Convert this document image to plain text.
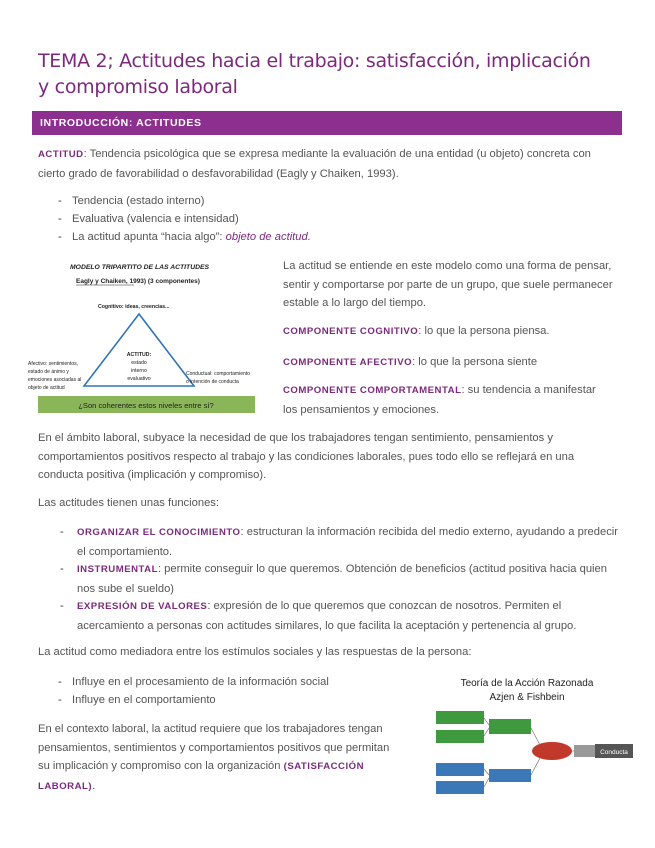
TEMA 2; Actitudes hacia el trabajo: satisfacción, implicación y compromiso laboral
INTRODUCCIÓN: ACTITUDES
ACTITUD: Tendencia psicológica que se expresa mediante la evaluación de una entidad (u objeto) concreta con cierto grado de favorabilidad o desfavorabilidad (Eagly y Chaiken, 1993).
- Tendencia (estado interno)
- Evaluativa (valencia e intensidad)
- La actitud apunta “hacia algo”: objeto de actitud.
MODELO TRIPARTITO DE LAS ACTITUDES
Eagly y Chaiken, 1993) (3 componentes)
Cognitivo: ideas, creencias...
ACTITUD:
estado
interno
evaluativo
Afectivo: sentimientos,
estado de ánimo y
emociones asociadas al
objeto de actitud
Conductual: comportamiento
o intención de conducta
¿Son coherentes estos niveles entre sí?
La actitud se entiende en este modelo como una forma de pensar, sentir y comportarse por parte de un grupo, que suele permanecer estable a lo largo del tiempo.
COMPONENTE COGNITIVO: lo que la persona piensa.
COMPONENTE AFECTIVO: lo que la persona siente
COMPONENTE COMPORTAMENTAL: su tendencia a manifestar los pensamientos y emociones.
En el ámbito laboral, subyace la necesidad de que los trabajadores tengan sentimiento, pensamientos y comportamientos positivos respecto al trabajo y las condiciones laborales, pues todo ello se reflejará en una conducta positiva (implicación y compromiso).
Las actitudes tienen unas funciones:
- ORGANIZAR EL CONOCIMIENTO: estructuran la información recibida del medio externo, ayudando a predecir el comportamiento.
- INSTRUMENTAL: permite conseguir lo que queremos. Obtención de beneficios (actitud positiva hacia quien nos sube el sueldo)
- EXPRESIÓN DE VALORES: expresión de lo que queremos que conozcan de nosotros. Permiten el acercamiento a personas con actitudes similares, lo que facilita la aceptación y pertenencia al grupo.
La actitud como mediadora entre los estímulos sociales y las respuestas de la persona:
- Influye en el procesamiento de la información social
- Influye en el comportamiento
En el contexto laboral, la actitud requiere que los trabajadores tengan pensamientos, sentimientos y comportamientos positivos que permitan su implicación y compromiso con la organización (SATISFACCIÓN LABORAL).
Teoría de la Acción Razonada
Azjen & Fishbein
Conducta
